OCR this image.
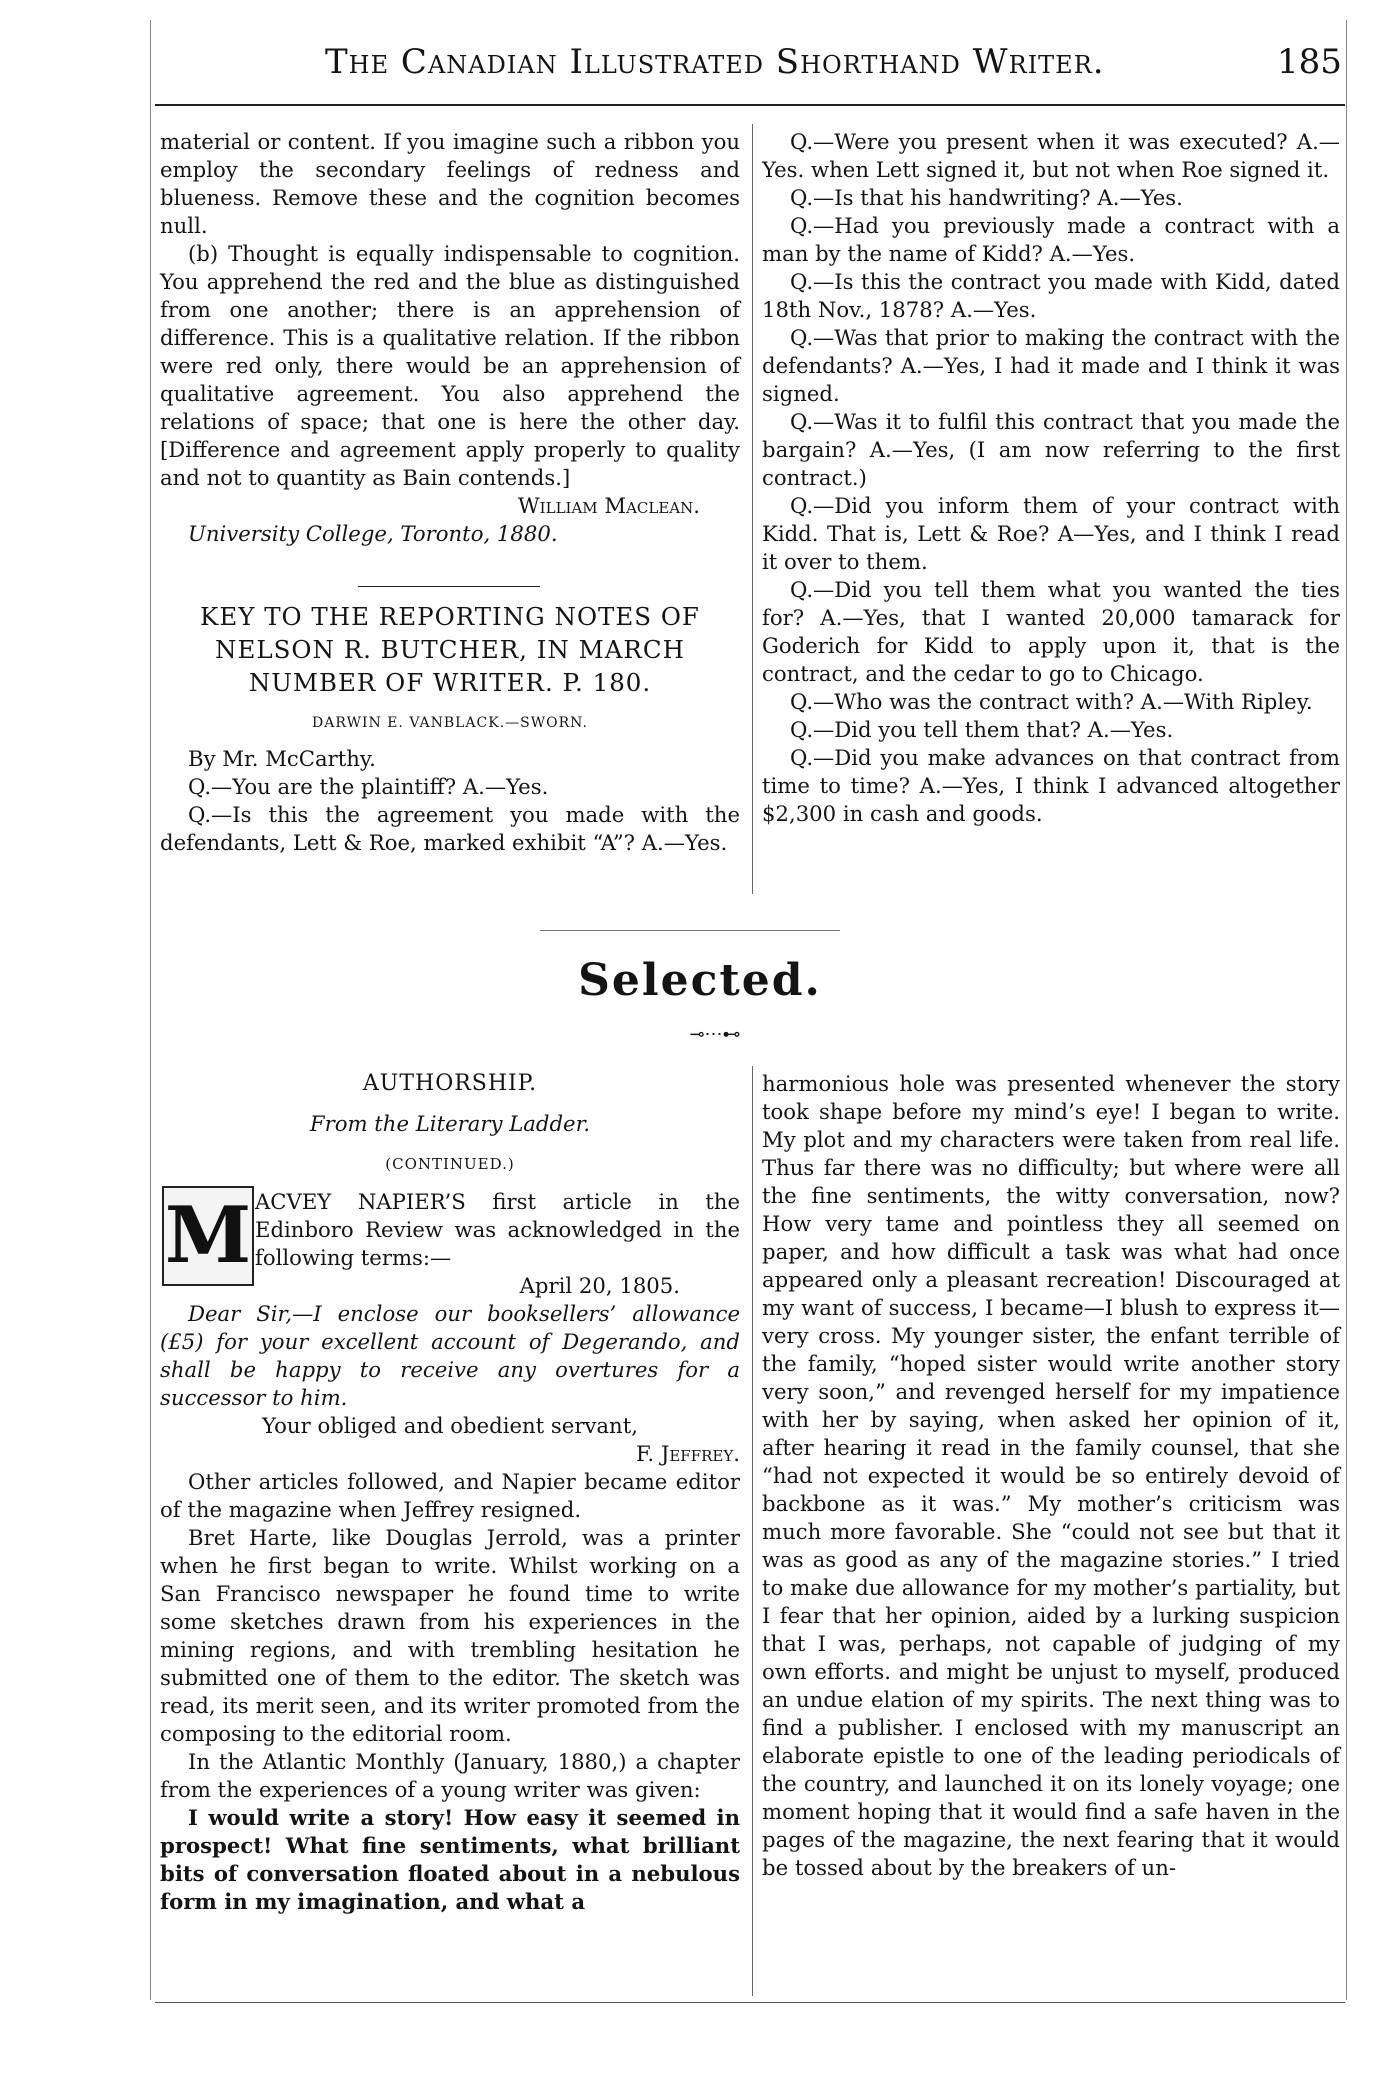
The Canadian Illustrated Shorthand Writer.	185

material or content. If you imagine such a ribbon you employ the secondary feelings of redness and blueness. Remove these and the cognition becomes null.

(b) Thought is equally indispensable to cognition. You apprehend the red and the blue as distinguished from one another; there is an apprehension of difference. This is a qualitative relation. If the ribbon were red only, there would be an apprehension of qualitative agreement. You also apprehend the relations of space; that one is here the other day. [Difference and agreement apply properly to quality and not to quantity as Bain contends.]

William Maclean.

University College, Toronto, 1880.

KEY TO THE REPORTING NOTES OF
NELSON R. BUTCHER, IN MARCH
NUMBER OF WRITER. P. 180.
DARWIN E. VANBLACK.—SWORN.

By Mr. McCarthy.

Q.—You are the plaintiff? A.—Yes.

Q.—Is this the agreement you made with the defendants, Lett & Roe, marked exhibit “A”? A.—Yes.

Q.—Were you present when it was executed? A.—Yes. when Lett signed it, but not when Roe signed it.

Q.—Is that his handwriting? A.—Yes.

Q.—Had you previously made a contract with a man by the name of Kidd? A.—Yes.

Q.—Is this the contract you made with Kidd, dated 18th Nov., 1878? A.—Yes.

Q.—Was that prior to making the contract with the defendants? A.—Yes, I had it made and I think it was signed.

Q.—Was it to fulfil this contract that you made the bargain? A.—Yes, (I am now referring to the first contract.)

Q.—Did you inform them of your contract with Kidd. That is, Lett & Roe? A—Yes, and I think I read it over to them.

Q.—Did you tell them what you wanted the ties for? A.—Yes, that I wanted 20,000 tamarack for Goderich for Kidd to apply upon it, that is the contract, and the cedar to go to Chicago.

Q.—Who was the contract with? A.—With Ripley.

Q.—Did you tell them that? A.—Yes.

Q.—Did you make advances on that contract from time to time? A.—Yes, I think I advanced altogether $2,300 in cash and goods.

Selected.
⊸⋯⊷
AUTHORSHIP.
From the Literary Ladder.
(CONTINUED.)

ACVEY NAPIER’S first article in the Edinboro Review was acknowledged in the following terms:—

April 20, 1805.

Dear Sir,—I enclose our booksellers’ allowance (£5) for your excellent account of Degerando, and shall be happy to receive any overtures for a successor to him.

Your obliged and obedient servant,

F. Jeffrey.

Other articles followed, and Napier became editor of the magazine when Jeffrey resigned.

Bret Harte, like Douglas Jerrold, was a printer when he first began to write. Whilst working on a San Francisco newspaper he found time to write some sketches drawn from his experiences in the mining regions, and with trembling hesitation he submitted one of them to the editor. The sketch was read, its merit seen, and its writer promoted from the composing to the editorial room.

In the Atlantic Monthly (January, 1880,) a chapter from the experiences of a young writer was given:

I would write a story! How easy it seemed in prospect! What fine sentiments, what brilliant bits of conversation floated about in a nebulous form in my imagination, and what a

M

harmonious hole was presented whenever the story took shape before my mind’s eye! I began to write. My plot and my characters were taken from real life. Thus far there was no difficulty; but where were all the fine sentiments, the witty conversation, now? How very tame and pointless they all seemed on paper, and how difficult a task was what had once appeared only a pleasant recreation! Discouraged at my want of success, I became—I blush to express it—very cross. My younger sister, the enfant terrible of the family, “hoped sister would write another story very soon,” and revenged herself for my impatience with her by saying, when asked her opinion of it, after hearing it read in the family counsel, that she “had not expected it would be so entirely devoid of backbone as it was.” My mother’s criticism was much more favorable. She “could not see but that it was as good as any of the magazine stories.” I tried to make due allowance for my mother’s partiality, but I fear that her opinion, aided by a lurking suspicion that I was, perhaps, not capable of judging of my own efforts. and might be unjust to myself, produced an undue elation of my spirits. The next thing was to find a publisher. I enclosed with my manuscript an elaborate epistle to one of the leading periodicals of the country, and launched it on its lonely voyage; one moment hoping that it would find a safe haven in the pages of the magazine, the next fearing that it would be tossed about by the breakers of un-
